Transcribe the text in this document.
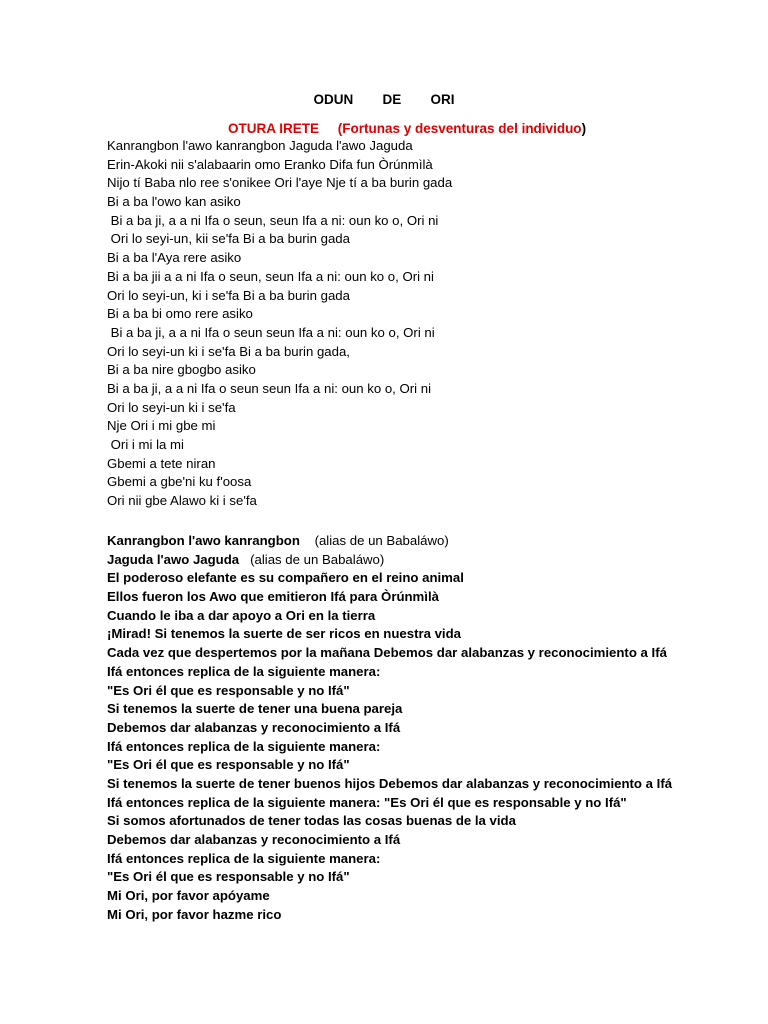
ODUN   DE   ORI
OTURA IRETE (Fortunas y desventuras del individuo)
Kanrangbon l'awo kanrangbon Jaguda l'awo Jaguda
Erin-Akoki nii s'alabaarin omo Eranko Difa fun Òrúnmìlà
Nijo tí Baba nlo ree s'onikee Ori l'aye Nje tí a ba burin gada
Bi a ba l'owo kan asiko
Bi a ba ji, a a ni Ifa o seun, seun Ifa a ni: oun ko o, Ori ni
Ori lo seyi-un, kii se'fa Bi a ba burin gada
Bi a ba l'Aya rere asiko
Bi a ba jii a a ni Ifa o seun, seun Ifa a ni: oun ko o, Ori ni
Ori lo seyi-un, ki i se'fa Bi a ba burin gada
Bi a ba bi omo rere asiko
Bi a ba ji, a a ni Ifa o seun seun Ifa a ni: oun ko o, Ori ni
Ori lo seyi-un ki i se'fa Bi a ba burin gada,
Bi a ba nire gbogbo asiko
Bi a ba ji, a a ni Ifa o seun seun Ifa a ni: oun ko o, Ori ni
Ori lo seyi-un ki i se'fa
Nje Ori i mi gbe mi
Ori i mi la mi
Gbemi a tete niran
Gbemi a gbe'ni ku f'oosa
Ori nii gbe Alawo ki i se'fa
Kanrangbon l'awo kanrangbon (alias de un Babaláwo)
Jaguda l'awo Jaguda (alias de un Babaláwo)
El poderoso elefante es su compañero en el reino animal
Ellos fueron los Awo que emitieron Ifá para Òrúnmìlà
Cuando le iba a dar apoyo a Ori en la tierra
¡Mirad! Si tenemos la suerte de ser ricos en nuestra vida
Cada vez que despertemos por la mañana Debemos dar alabanzas y reconocimiento a Ifá
Ifá entonces replica de la siguiente manera:
"Es Ori él que es responsable y no Ifá"
Si tenemos la suerte de tener una buena pareja
Debemos dar alabanzas y reconocimiento a Ifá
Ifá entonces replica de la siguiente manera:
"Es Ori él que es responsable y no Ifá"
Si tenemos la suerte de tener buenos hijos Debemos dar alabanzas y reconocimiento a Ifá
Ifá entonces replica de la siguiente manera: "Es Ori él que es responsable y no Ifá"
Si somos afortunados de tener todas las cosas buenas de la vida
Debemos dar alabanzas y reconocimiento a Ifá
Ifá entonces replica de la siguiente manera:
"Es Ori él que es responsable y no Ifá"
Mi Ori, por favor apóyame
Mi Ori, por favor hazme rico
